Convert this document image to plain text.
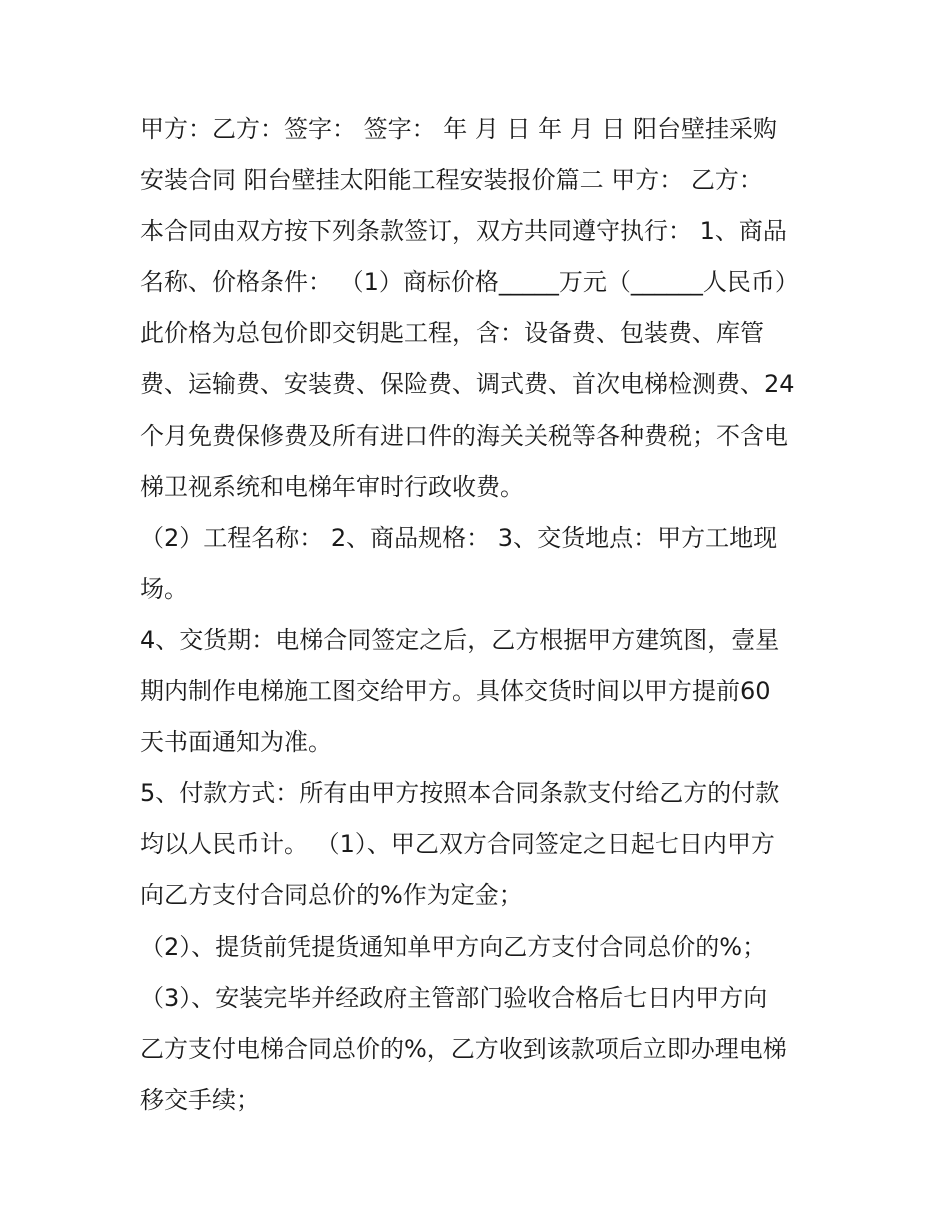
甲方：乙方：签字： 签字： 年 月 日 年 月 日 阳台壁挂采购
安装合同 阳台壁挂太阳能工程安装报价篇二 甲方： 乙方：
本合同由双方按下列条款签订，双方共同遵守执行： 1、商品
名称、价格条件： （1）商标价格_____万元（______人民币）
此价格为总包价即交钥匙工程，含：设备费、包装费、库管
费、运输费、安装费、保险费、调式费、首次电梯检测费、24
个月免费保修费及所有进口件的海关关税等各种费税；不含电
梯卫视系统和电梯年审时行政收费。
（2）工程名称： 2、商品规格： 3、交货地点：甲方工地现
场。
4、交货期：电梯合同签定之后，乙方根据甲方建筑图，壹星
期内制作电梯施工图交给甲方。具体交货时间以甲方提前60
天书面通知为准。
5、付款方式：所有由甲方按照本合同条款支付给乙方的付款
均以人民币计。 （1）、甲乙双方合同签定之日起七日内甲方
向乙方支付合同总价的%作为定金；
（2）、提货前凭提货通知单甲方向乙方支付合同总价的%；
（3）、安装完毕并经政府主管部门验收合格后七日内甲方向
乙方支付电梯合同总价的%，乙方收到该款项后立即办理电梯
移交手续；
